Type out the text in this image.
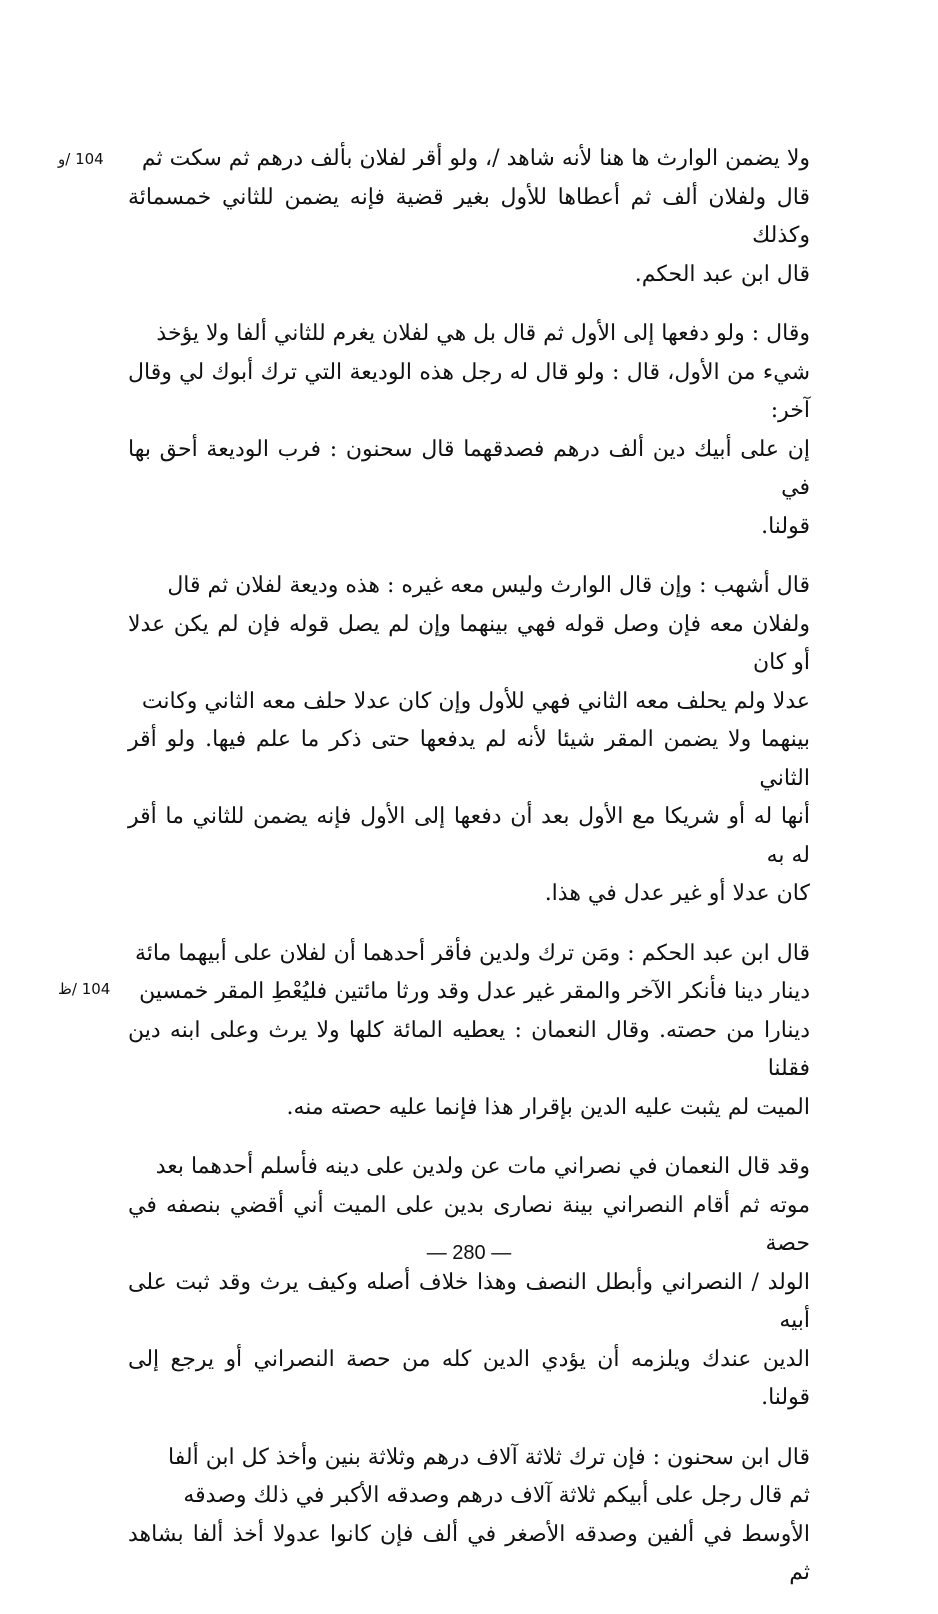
104 /و
104 /ظ

ولا يضمن الوارث ها هنا لأنه شاهد /، ولو أقر لفلان بألف درهم ثم سكت ثم

قال ولفلان ألف ثم أعطاها للأول بغير قضية فإنه يضمن للثاني خمسمائة وكذلك

قال ابن عبد الحكم.

وقال : ولو دفعها إلى الأول ثم قال بل هي لفلان يغرم للثاني ألفا ولا يؤخذ

شيء من الأول، قال : ولو قال له رجل هذه الوديعة التي ترك أبوك لي وقال آخر:

إن على أبيك دين ألف درهم فصدقهما قال سحنون : فرب الوديعة أحق بها في

قولنا.

قال أشهب : وإن قال الوارث وليس معه غيره : هذه وديعة لفلان ثم قال

ولفلان معه فإن وصل قوله فهي بينهما وإن لم يصل قوله فإن لم يكن عدلا أو كان

عدلا ولم يحلف معه الثاني فهي للأول وإن كان عدلا حلف معه الثاني وكانت

بينهما ولا يضمن المقر شيئا لأنه لم يدفعها حتى ذكر ما علم فيها. ولو أقر الثاني

أنها له أو شريكا مع الأول بعد أن دفعها إلى الأول فإنه يضمن للثاني ما أقر له به

كان عدلا أو غير عدل في هذا.

قال ابن عبد الحكم : ومَن ترك ولدين فأقر أحدهما أن لفلان على أبيهما مائة

دينار دينا فأنكر الآخر والمقر غير عدل وقد ورثا مائتين فليُعْطِ المقر خمسين

دينارا من حصته. وقال النعمان : يعطيه المائة كلها ولا يرث وعلى ابنه دين فقلنا

الميت لم يثبت عليه الدين بإقرار هذا فإنما عليه حصته منه.

وقد قال النعمان في نصراني مات عن ولدين على دينه فأسلم أحدهما بعد

موته ثم أقام النصراني بينة نصارى بدين على الميت أني أقضي بنصفه في حصة

الولد / النصراني وأبطل النصف وهذا خلاف أصله وكيف يرث وقد ثبت على أبيه

الدين عندك ويلزمه أن يؤدي الدين كله من حصة النصراني أو يرجع إلى قولنا.

قال ابن سحنون : فإن ترك ثلاثة آلاف درهم وثلاثة بنين وأخذ كل ابن ألفا

ثم قال رجل على أبيكم ثلاثة آلاف درهم وصدقه الأكبر في ذلك وصدقه

الأوسط في ألفين وصدقه الأصغر في ألف فإن كانوا عدولا أخذ ألفا بشاهد ثم

— 280 —
